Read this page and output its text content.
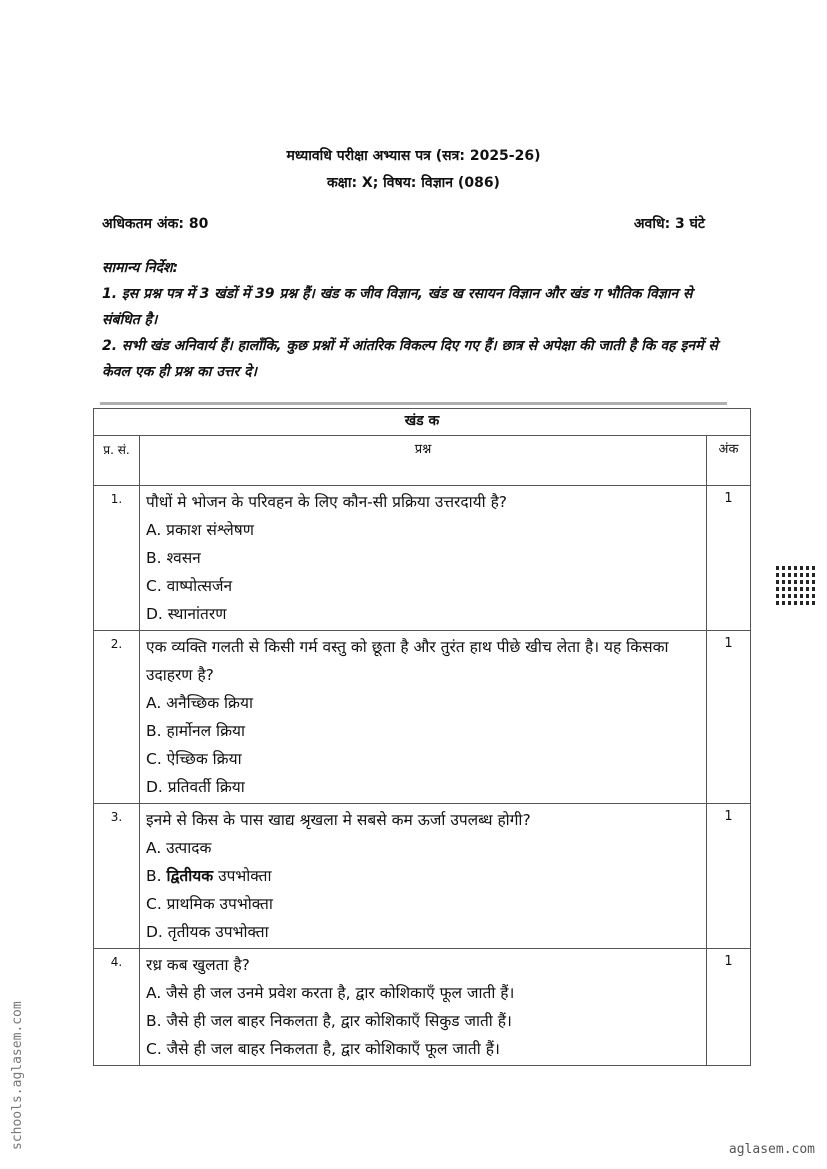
मध्यावधि परीक्षा अभ्यास पत्र (सत्र: 2025-26)
कक्षा: X; विषय: विज्ञान (086)
अधिकतम अंक: 80	अवधि: 3 घंटे
सामान्य निर्देश:
1. इस प्रश्न पत्र में 3 खंडों में 39 प्रश्न हैं। खंड क जीव विज्ञान, खंड ख रसायन विज्ञान और खंड ग भौतिक विज्ञान से संबंधित है।
2. सभी खंड अनिवार्य हैं। हालाँकि, कुछ प्रश्नों में आंतरिक विकल्प दिए गए हैं। छात्र से अपेक्षा की जाती है कि वह इनमें से केवल एक ही प्रश्न का उत्तर दे।
खंड क		
प्र. सं.	प्रश्न	अंक
1.	पौधों मे भोजन के परिवहन के लिए कौन-सी प्रक्रिया उत्तरदायी है?
A. प्रकाश संश्लेषण
B. श्वसन
C. वाष्पोत्सर्जन
D. स्थानांतरण	1
2.	एक व्यक्ति गलती से किसी गर्म वस्तु को छूता है और तुरंत हाथ पीछे खीच लेता है। यह किसका उदाहरण है?
A. अनैच्छिक क्रिया
B. हार्मोनल क्रिया
C. ऐच्छिक क्रिया
D. प्रतिवर्ती क्रिया	1
3.	इनमे से किस के पास खाद्य श्रृखला मे सबसे कम ऊर्जा उपलब्ध होगी?
A. उत्पादक
B. द्वितीयक उपभोक्ता
C. प्राथमिक उपभोक्ता
D. तृतीयक उपभोक्ता	1
4.	रध्र कब खुलता है?
A. जैसे ही जल उनमे प्रवेश करता है, द्वार कोशिकाएँ फूल जाती हैं।
B. जैसे ही जल बाहर निकलता है, द्वार कोशिकाएँ सिकुड जाती हैं।
C. जैसे ही जल बाहर निकलता है, द्वार कोशिकाएँ फूल जाती हैं।	1
schools.aglasem.com	aglasem.com
